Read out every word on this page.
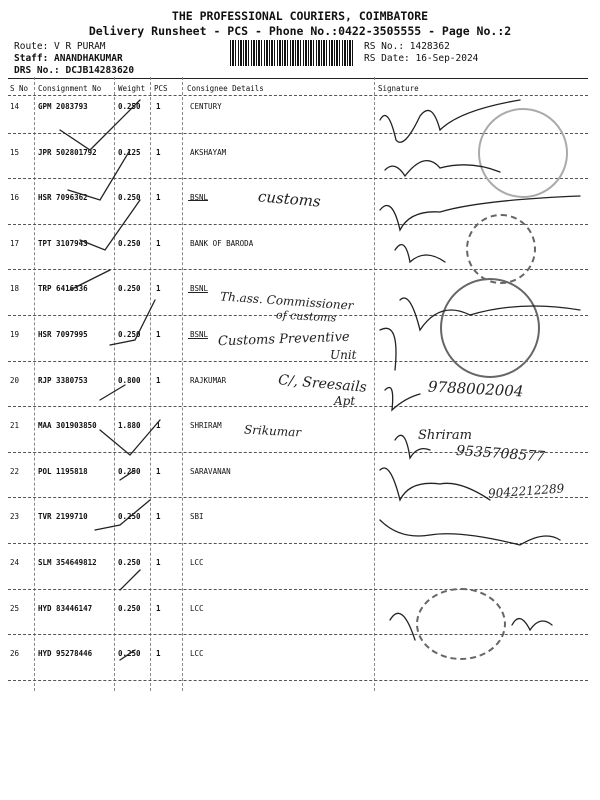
THE PROFESSIONAL COURIERS, COIMBATORE
Delivery Runsheet - PCS - Phone No.:0422-3505555 - Page No.:2
Route: V R PURAM
Staff: ANANDHAKUMAR
DRS No.: DCJB14283620
RS No.: 1428362
RS Date: 16-Sep-2024
S No Consignment No Weight PCS	Consignee Details	Signature
14	GPM 2083793	0.250 1	CENTURY
15	JPR 502801792	0.125 1	AKSHAYAM
16	HSR 7096362	0.250 1	BSNL
17	TPT 3107943	0.250 1	BANK OF BARODA
18	TRP 6416336	0.250 1	BSNL
19	HSR 7097995	0.250 1	BSNL
20	RJP 3380753	0.800 1	RAJKUMAR
21	MAA 301903850	1.880 1	SHRIRAM
22	POL 1195818	0.250 1	SARAVANAN
23	TVR 2199710	0.250 1	SBI
24	SLM 354649812	0.250 1	LCC
25	HYD 83446147	0.250 1	LCC
26	HYD 95278446	0.250 1	LCC
customs
Th.ass. Commissioner
of customs
Customs Preventive
Unit
C/, Sreesails
Apt
9788002004
Srikumar	Shriram
9535708577
9042212289
